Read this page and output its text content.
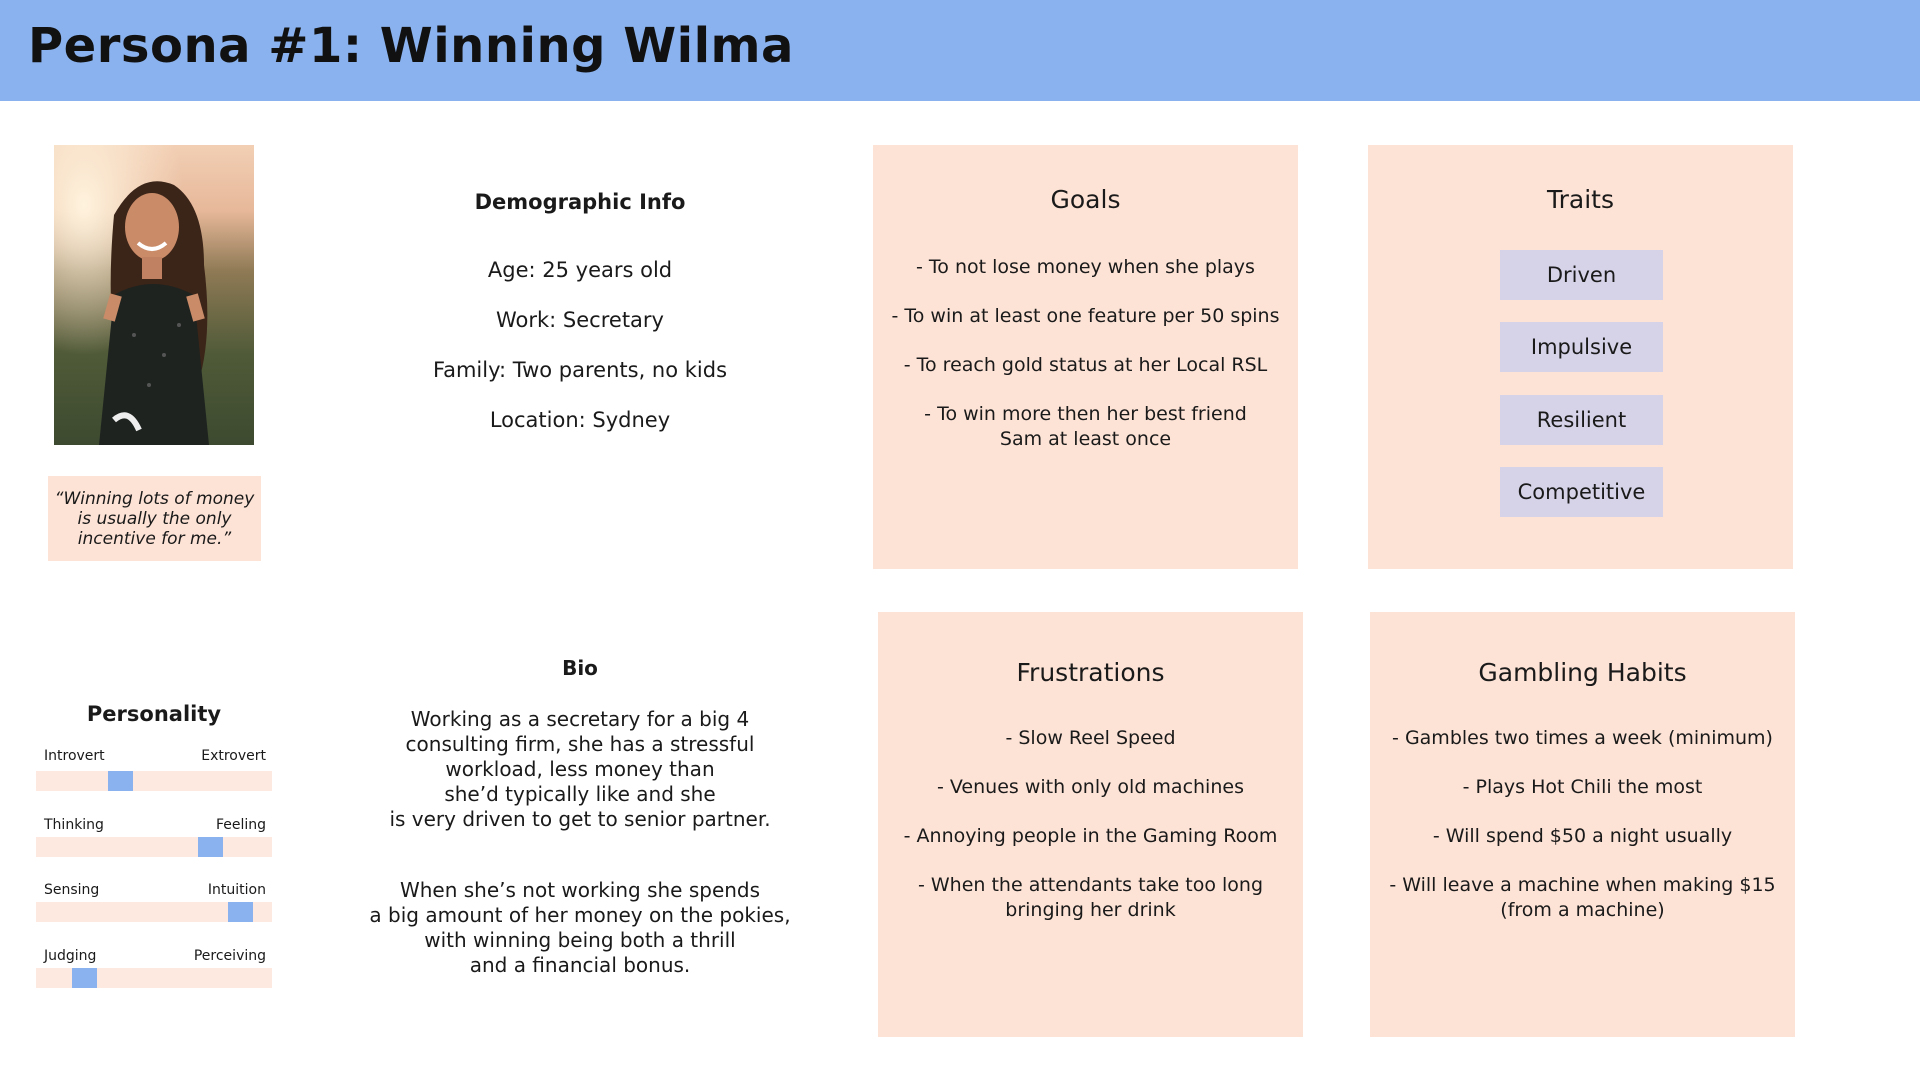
Persona #1: Winning Wilma
“Winning lots of money is usually the only incentive for me.”
Demographic Info

Age: 25 years old

Work: Secretary

Family: Two parents, no kids

Location: Sydney

Goals
- To not lose money when she plays
- To win at least one feature per 50 spins
- To reach gold status at her Local RSL
- To win more then her best friend
Sam at least once
Traits
Driven
Impulsive
Resilient
Competitive
Personality
Introvert	Extrovert
Thinking	Feeling
Sensing	Intuition
Judging	Perceiving
Bio
Working as a secretary for a big 4
consulting firm, she has a stressful
workload, less money than
she’d typically like and she
is very driven to get to senior partner.
When she’s not working she spends
a big amount of her money on the pokies,
with winning being both a thrill
and a financial bonus.
Frustrations
- Slow Reel Speed
- Venues with only old machines
- Annoying people in the Gaming Room
- When the attendants take too long
bringing her drink
Gambling Habits
- Gambles two times a week (minimum)
- Plays Hot Chili the most
- Will spend $50 a night usually
- Will leave a machine when making $15
(from a machine)
